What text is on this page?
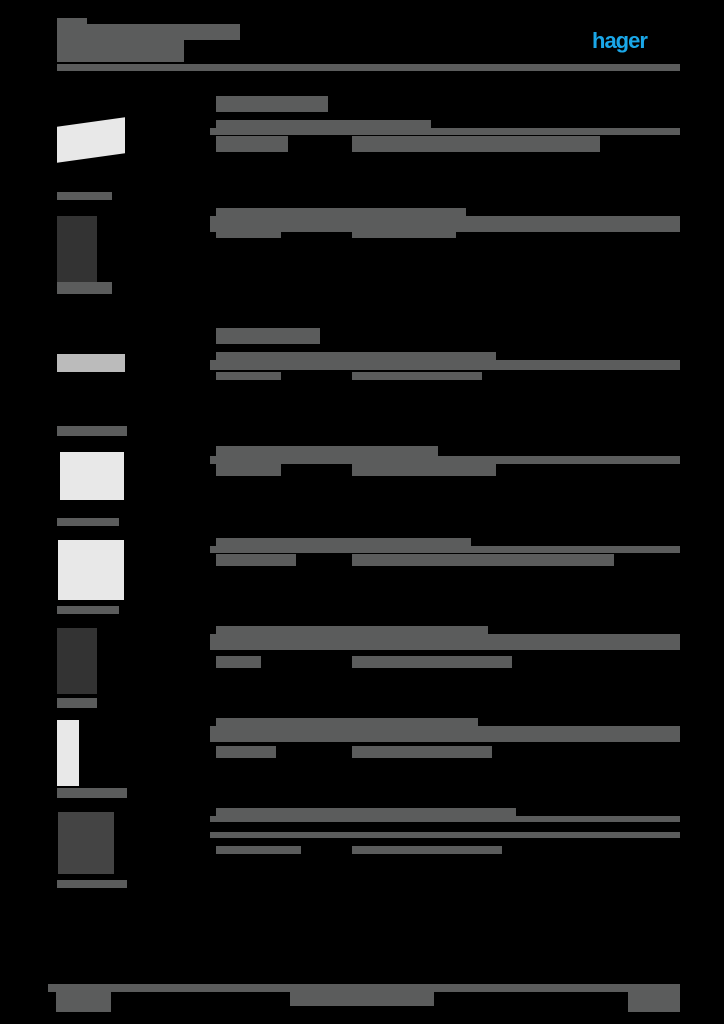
hager
